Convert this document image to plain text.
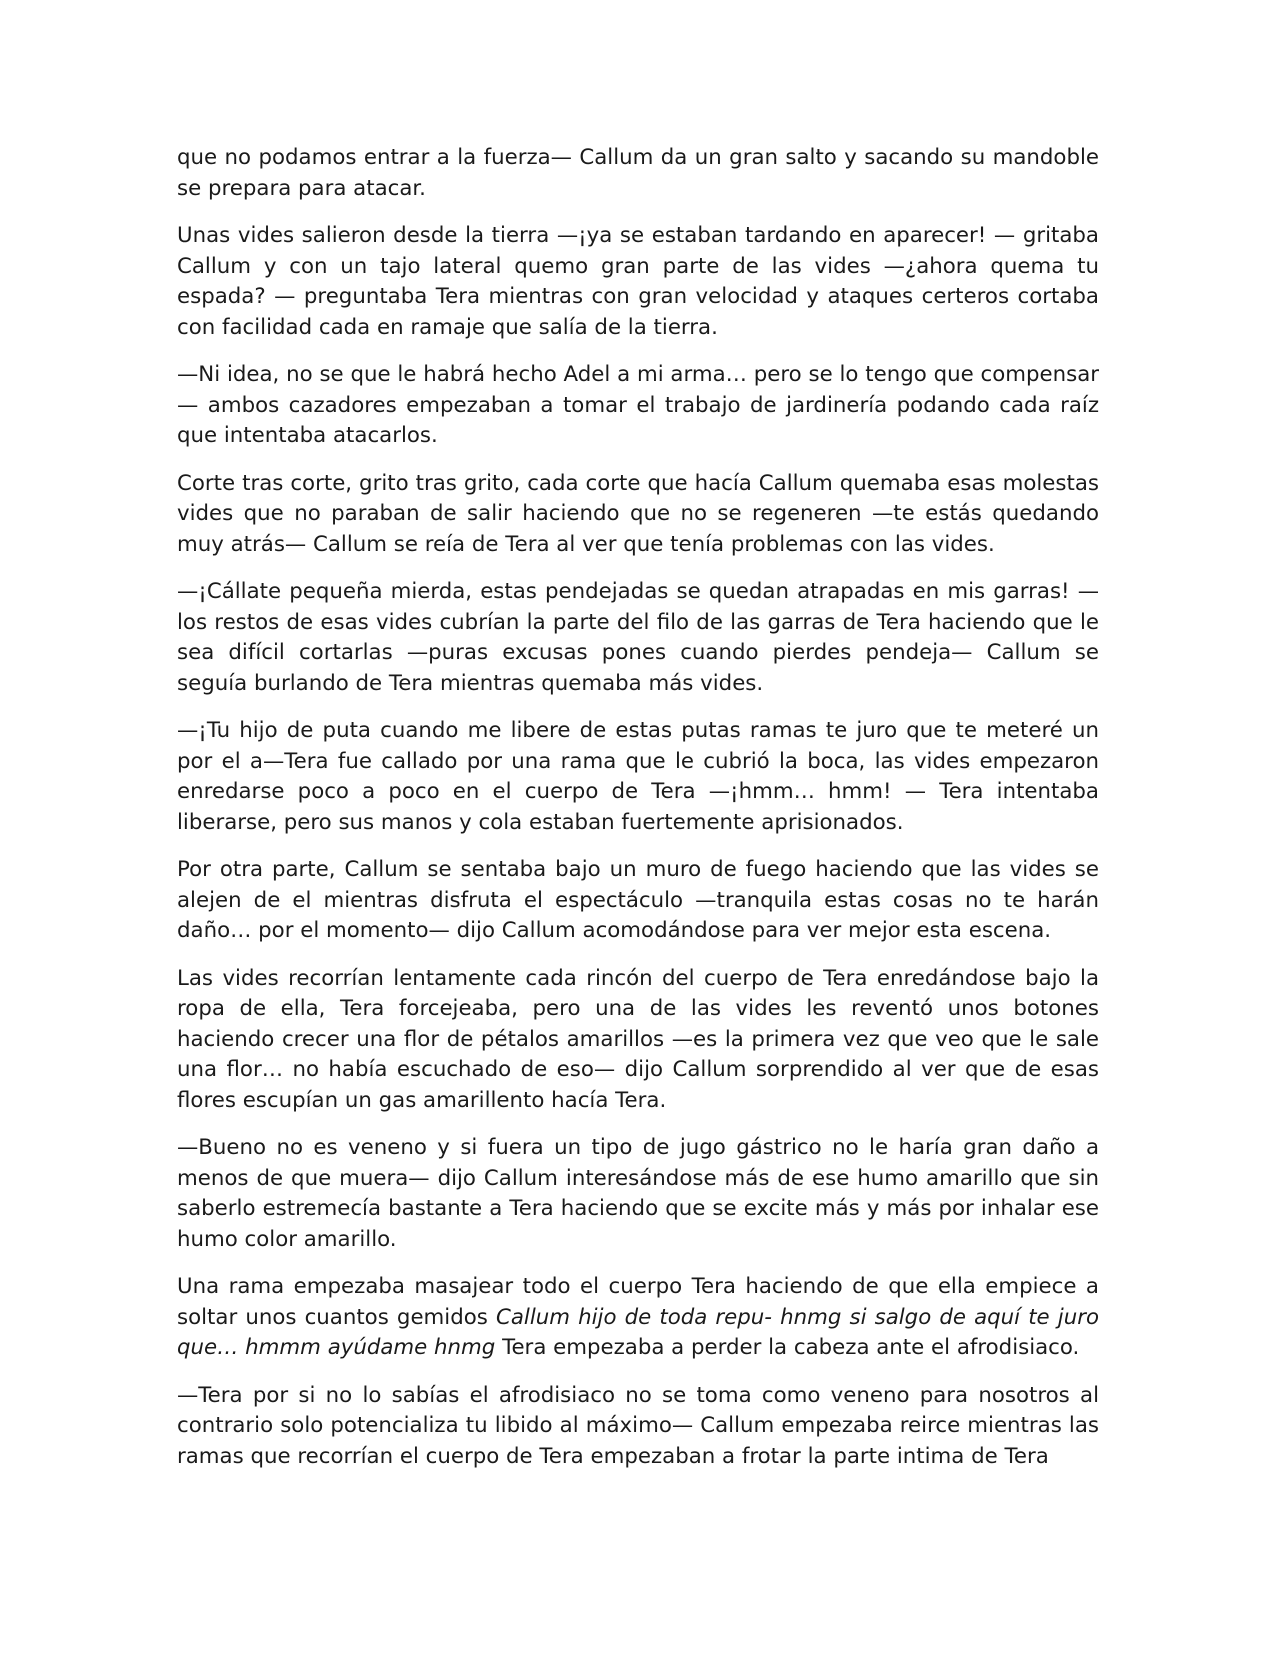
que no podamos entrar a la fuerza— Callum da un gran salto y sacando su mandoble se prepara para atacar.

Unas vides salieron desde la tierra —¡ya se estaban tardando en aparecer! — gritaba Callum y con un tajo lateral quemo gran parte de las vides —¿ahora quema tu espada? — preguntaba Tera mientras con gran velocidad y ataques certeros cortaba con facilidad cada en ramaje que salía de la tierra.

—Ni idea, no se que le habrá hecho Adel a mi arma… pero se lo tengo que compensar— ambos cazadores empezaban a tomar el trabajo de jardinería podando cada raíz que intentaba atacarlos.

Corte tras corte, grito tras grito, cada corte que hacía Callum quemaba esas molestas vides que no paraban de salir haciendo que no se regeneren —te estás quedando muy atrás— Callum se reía de Tera al ver que tenía problemas con las vides.

—¡Cállate pequeña mierda, estas pendejadas se quedan atrapadas en mis garras! — los restos de esas vides cubrían la parte del filo de las garras de Tera haciendo que le sea difícil cortarlas —puras excusas pones cuando pierdes pendeja— Callum se seguía burlando de Tera mientras quemaba más vides.

—¡Tu hijo de puta cuando me libere de estas putas ramas te juro que te meteré un por el a—Tera fue callado por una rama que le cubrió la boca, las vides empezaron enredarse poco a poco en el cuerpo de Tera —¡hmm… hmm! — Tera intentaba liberarse, pero sus manos y cola estaban fuertemente aprisionados.

Por otra parte, Callum se sentaba bajo un muro de fuego haciendo que las vides se alejen de el mientras disfruta el espectáculo —tranquila estas cosas no te harán daño… por el momento— dijo Callum acomodándose para ver mejor esta escena.

Las vides recorrían lentamente cada rincón del cuerpo de Tera enredándose bajo la ropa de ella, Tera forcejeaba, pero una de las vides les reventó unos botones haciendo crecer una flor de pétalos amarillos —es la primera vez que veo que le sale una flor… no había escuchado de eso— dijo Callum sorprendido al ver que de esas flores escupían un gas amarillento hacía Tera.

—Bueno no es veneno y si fuera un tipo de jugo gástrico no le haría gran daño a menos de que muera— dijo Callum interesándose más de ese humo amarillo que sin saberlo estremecía bastante a Tera haciendo que se excite más y más por inhalar ese humo color amarillo.

Una rama empezaba masajear todo el cuerpo Tera haciendo de que ella empiece a soltar unos cuantos gemidos Callum hijo de toda repu- hnmg si salgo de aquí te juro que… hmmm ayúdame hnmg Tera empezaba a perder la cabeza ante el afrodisiaco.

—Tera por si no lo sabías el afrodisiaco no se toma como veneno para nosotros al contrario solo potencializa tu libido al máximo— Callum empezaba reirce mientras las ramas que recorrían el cuerpo de Tera empezaban a frotar la parte intima de Tera
